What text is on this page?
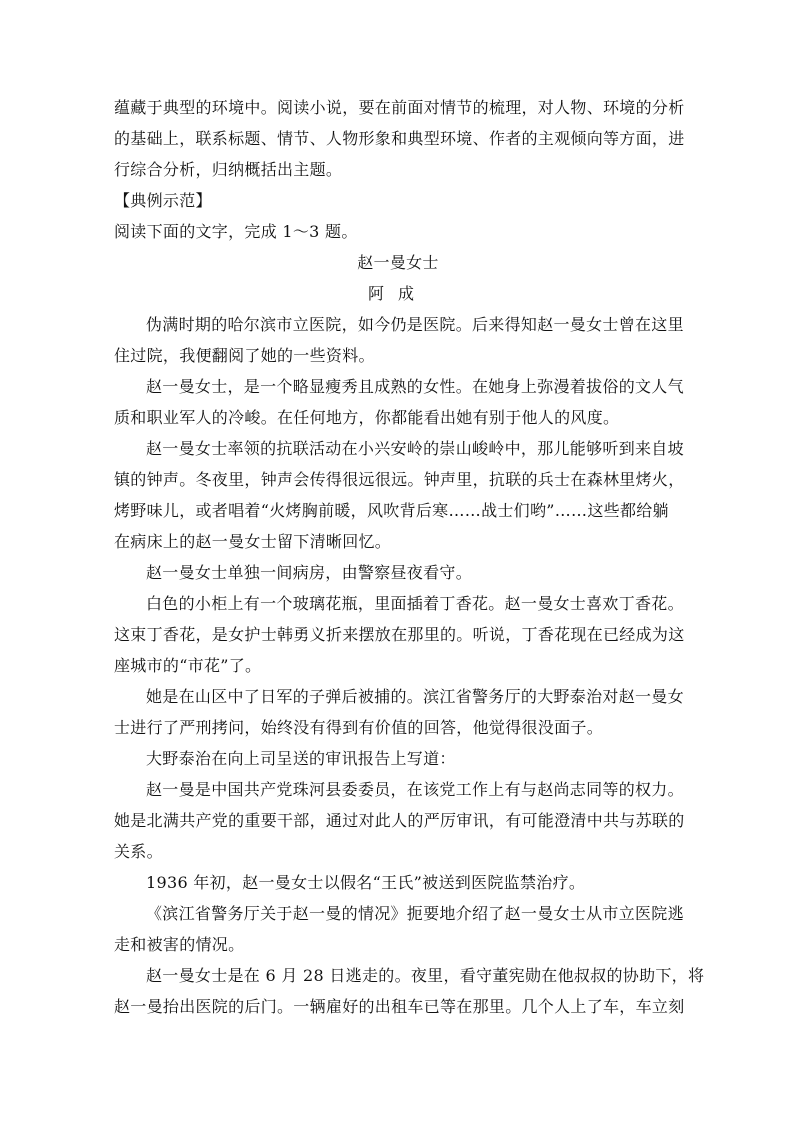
蕴藏于典型的环境中。阅读小说，要在前面对情节的梳理，对人物、环境的分析
的基础上，联系标题、情节、人物形象和典型环境、作者的主观倾向等方面，进
行综合分析，归纳概括出主题。
【典例示范】
阅读下面的文字，完成 1～3 题。
赵一曼女士
阿成
伪满时期的哈尔滨市立医院，如今仍是医院。后来得知赵一曼女士曾在这里
住过院，我便翻阅了她的一些资料。
赵一曼女士，是一个略显瘦秀且成熟的女性。在她身上弥漫着拔俗的文人气
质和职业军人的冷峻。在任何地方，你都能看出她有别于他人的风度。
赵一曼女士率领的抗联活动在小兴安岭的崇山峻岭中，那儿能够听到来自坡
镇的钟声。冬夜里，钟声会传得很远很远。钟声里，抗联的兵士在森林里烤火，
烤野味儿，或者唱着“火烤胸前暖，风吹背后寒……战士们哟”……这些都给躺
在病床上的赵一曼女士留下清晰回忆。
赵一曼女士单独一间病房，由警察昼夜看守。
白色的小柜上有一个玻璃花瓶，里面插着丁香花。赵一曼女士喜欢丁香花。
这束丁香花，是女护士韩勇义折来摆放在那里的。听说，丁香花现在已经成为这
座城市的“市花”了。
她是在山区中了日军的子弹后被捕的。滨江省警务厅的大野泰治对赵一曼女
士进行了严刑拷问，始终没有得到有价值的回答，他觉得很没面子。
大野泰治在向上司呈送的审讯报告上写道：
赵一曼是中国共产党珠河县委委员，在该党工作上有与赵尚志同等的权力。
她是北满共产党的重要干部，通过对此人的严厉审讯，有可能澄清中共与苏联的
关系。
1936 年初，赵一曼女士以假名“王氏”被送到医院监禁治疗。
《滨江省警务厅关于赵一曼的情况》扼要地介绍了赵一曼女士从市立医院逃
走和被害的情况。
赵一曼女士是在 6 月 28 日逃走的。夜里，看守董宪勋在他叔叔的协助下，将
赵一曼抬出医院的后门。一辆雇好的出租车已等在那里。几个人上了车，车立刻
